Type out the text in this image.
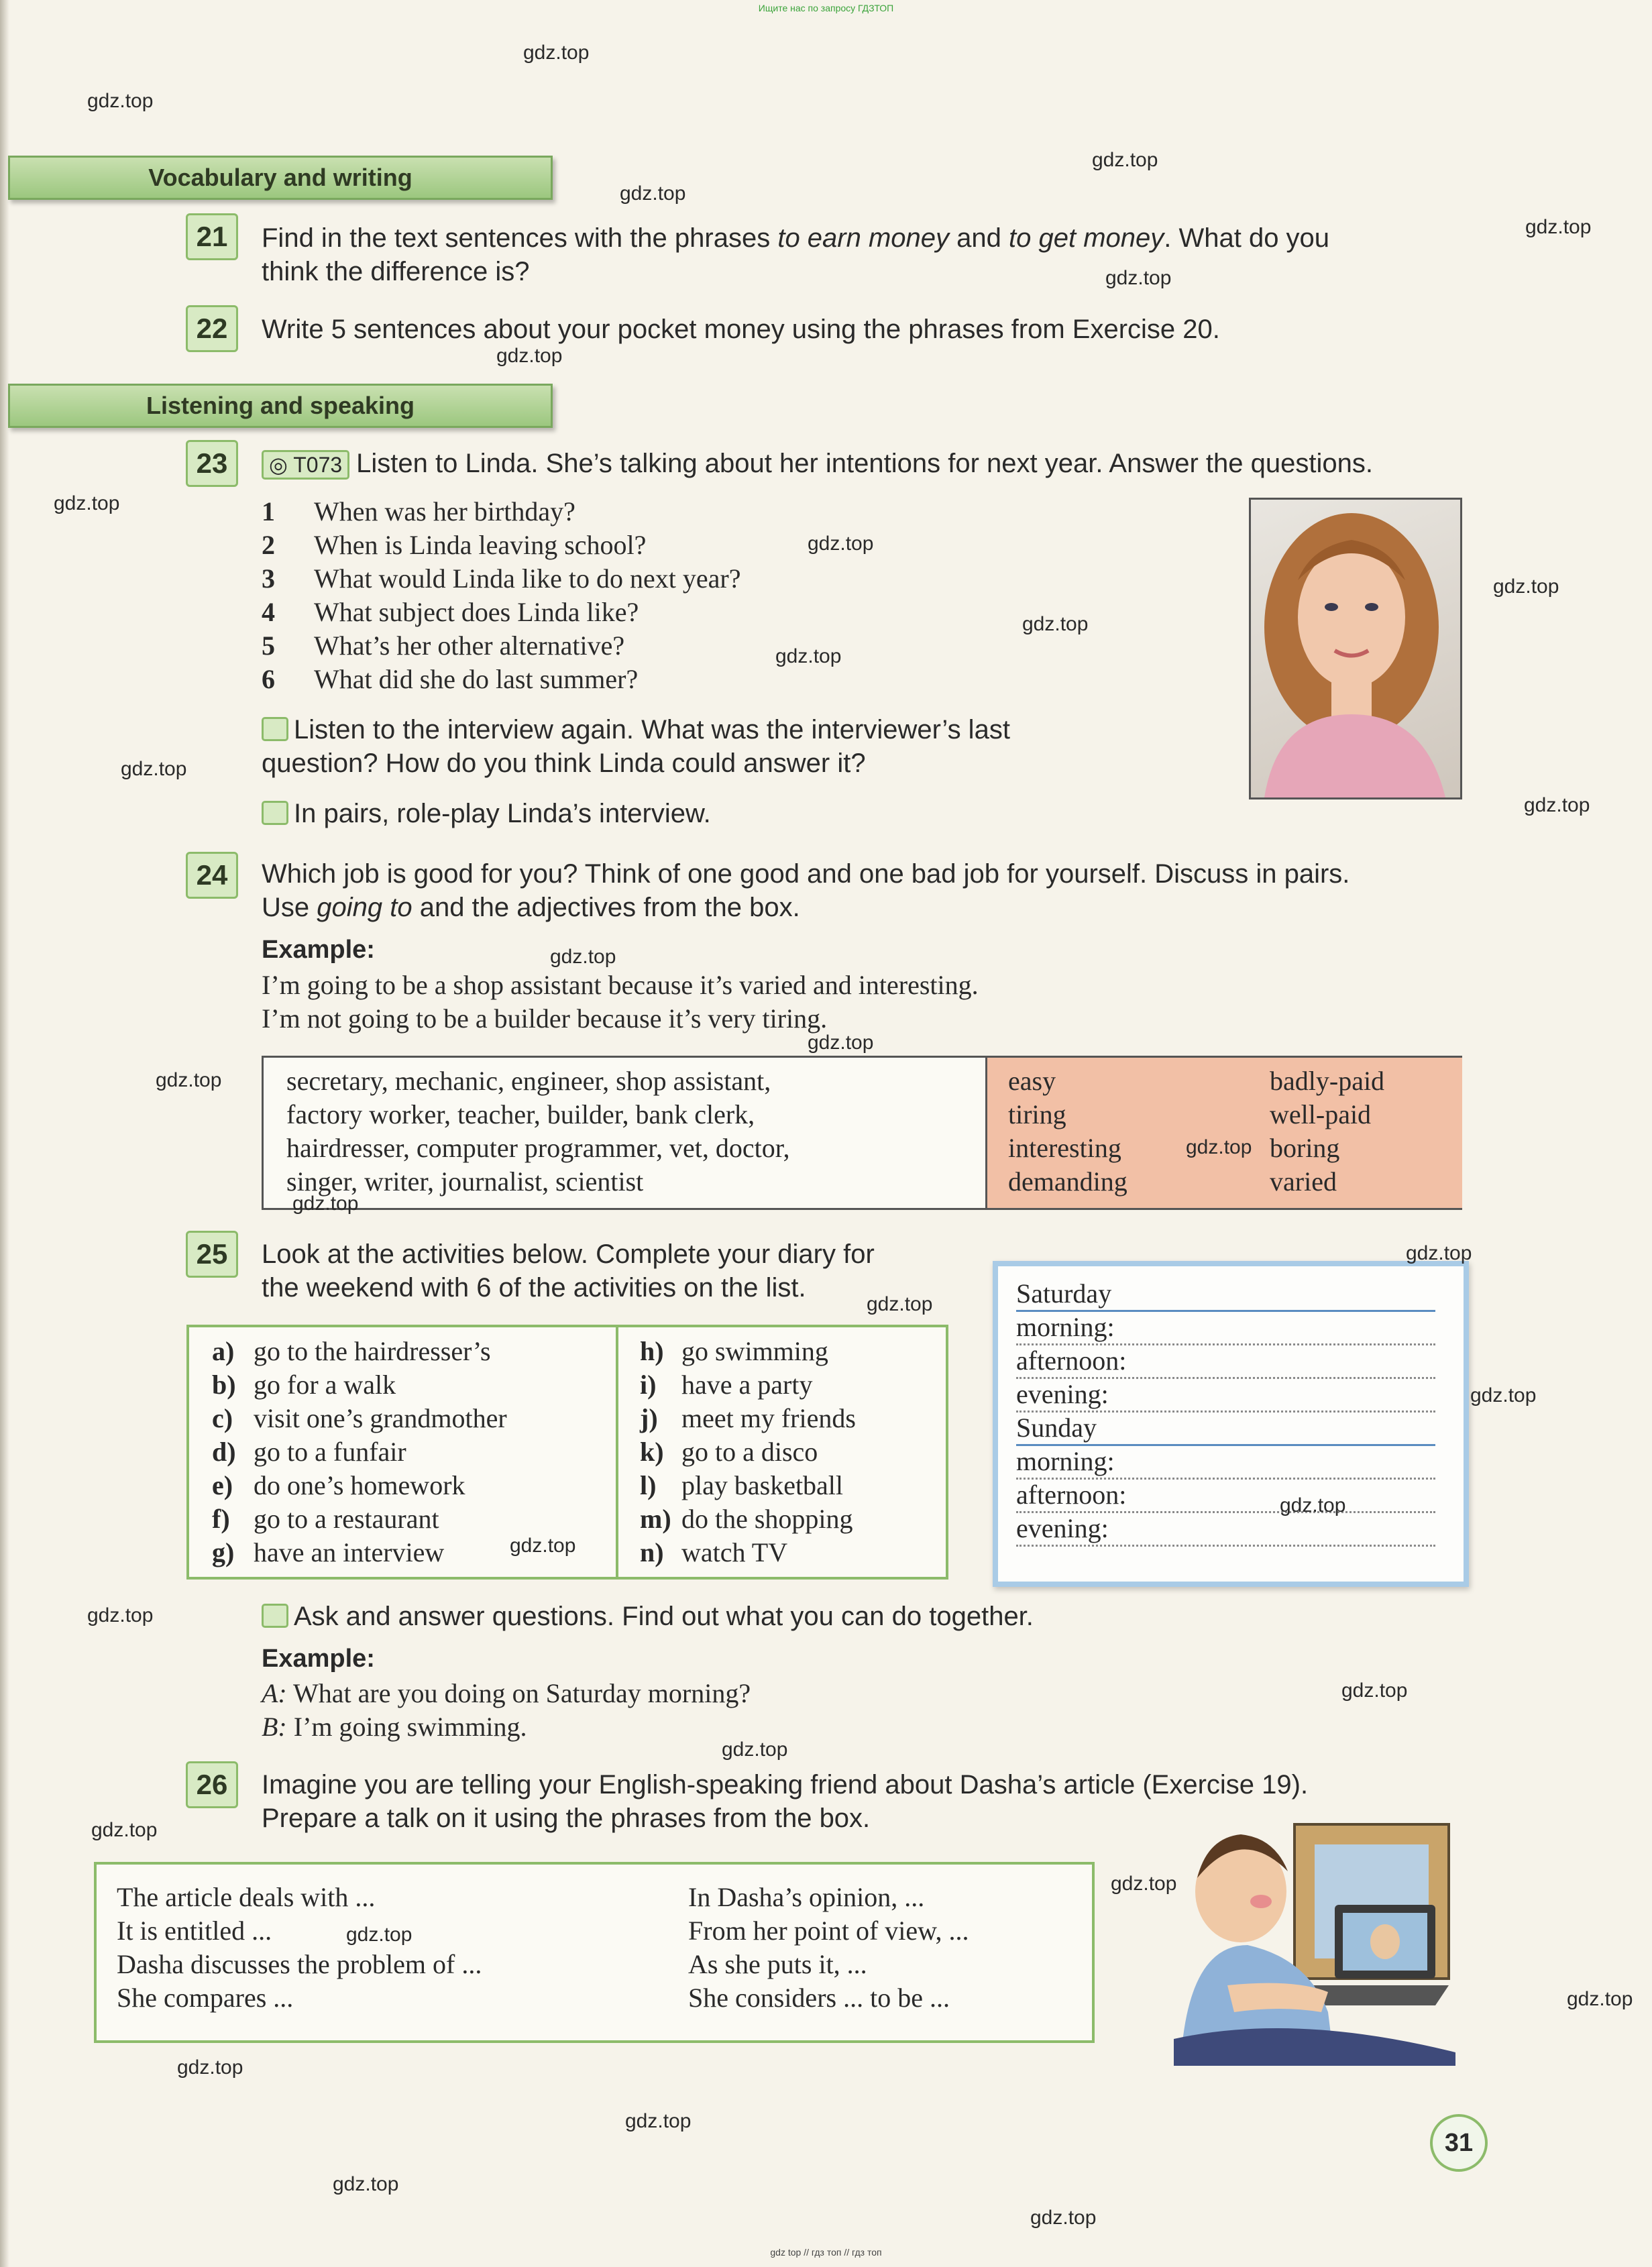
Ищите нас по запросу ГДЗТОП
Vocabulary and writing
21	Find in the text sentences with the phrases to earn money and to get money. What do you
think the difference is?
22	Write 5 sentences about your pocket money using the phrases from Exercise 20.
Listening and speaking
23	◎ T073 Listen to Linda. She’s talking about her intentions for next year. Answer the questions.
1 When was her birthday?
2 When is Linda leaving school?
3 What would Linda like to do next year?
4 What subject does Linda like?
5 What’s her other alternative?
6 What did she do last summer?
Listen to the interview again. What was the interviewer’s last
question? How do you think Linda could answer it?
In pairs, role-play Linda’s interview.
24	Which job is good for you? Think of one good and one bad job for yourself. Discuss in pairs.
Use going to and the adjectives from the box.
Example:
I’m going to be a shop assistant because it’s varied and interesting.
I’m not going to be a builder because it’s very tiring.
secretary, mechanic, engineer, shop assistant,
factory worker, teacher, builder, bank clerk,
hairdresser, computer programmer, vet, doctor,
singer, writer, journalist, scientist
easy
tiring
interesting
demanding
badly-paid
well-paid
boring
varied
25	Look at the activities below. Complete your diary for
the weekend with 6 of the activities on the list.
a) go to the hairdresser’s
b) go for a walk
c) visit one’s grandmother
d) go to a funfair
e) do one’s homework
f) go to a restaurant
g) have an interview
h) go swimming
i) have a party
j) meet my friends
k) go to a disco
l) play basketball
m) do the shopping
n) watch TV
Saturday
morning:
afternoon:
evening:
Sunday
morning:
afternoon:
evening:
Ask and answer questions. Find out what you can do together.
Example:
A: What are you doing on Saturday morning?
B: I’m going swimming.
26	Imagine you are telling your English-speaking friend about Dasha’s article (Exercise 19).
Prepare a talk on it using the phrases from the box.
The article deals with ...
It is entitled ...
Dasha discusses the problem of ...
She compares ...
In Dasha’s opinion, ...
From her point of view, ...
As she puts it, ...
She considers ... to be ...
31
gdz top // гдз топ // гдз топ
gdz.top
gdz.top
gdz.top
gdz.top
gdz.top
gdz.top
gdz.top
gdz.top
gdz.top
gdz.top
gdz.top
gdz.top
gdz.top
gdz.top
gdz.top
gdz.top
gdz.top
gdz.top
gdz.top
gdz.top
gdz.top
gdz.top
gdz.top
gdz.top
gdz.top
gdz.top
gdz.top
gdz.top
gdz.top
gdz.top
gdz.top
gdz.top
gdz.top
gdz.top
gdz.top
